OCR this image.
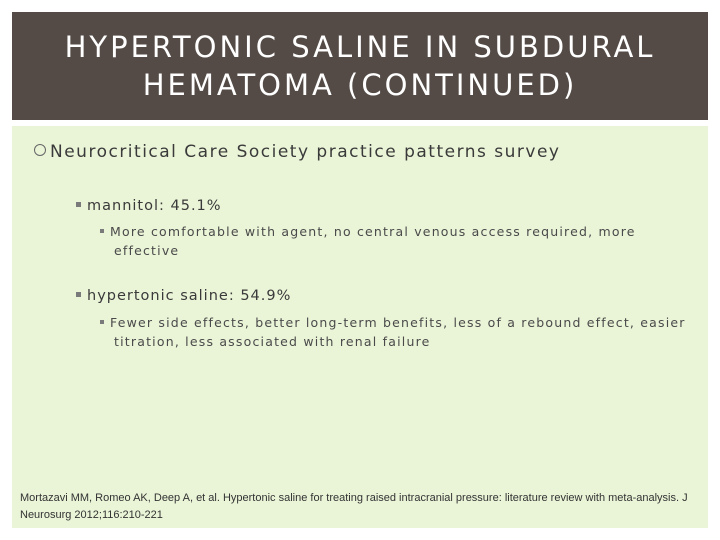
HYPERTONIC SALINE IN SUBDURAL
HEMATOMA (CONTINUED)
Neurocritical Care Society practice patterns survey
mannitol: 45.1%
More comfortable with agent, no central venous access required, more effective
hypertonic saline: 54.9%
Fewer side effects, better long-term benefits, less of a rebound effect, easier titration, less associated with renal failure
Mortazavi MM, Romeo AK, Deep A, et al. Hypertonic saline for treating raised intracranial pressure: literature review with meta-analysis. J Neurosurg 2012;116:210-221
